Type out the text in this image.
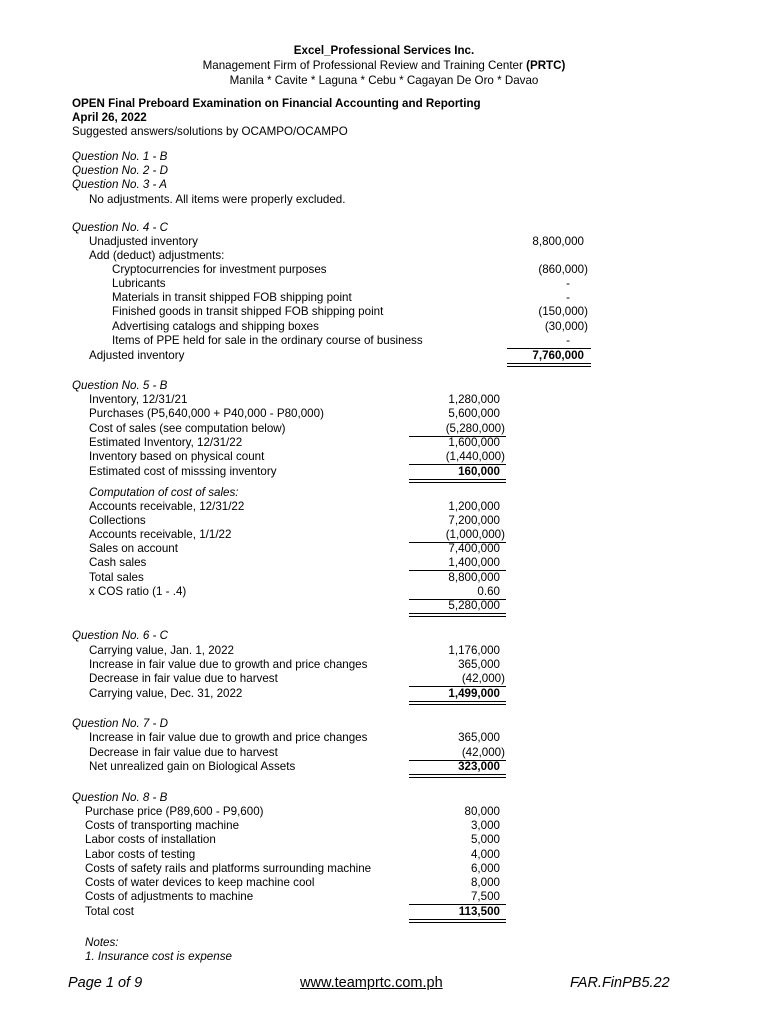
Excel_Professional Services Inc.
Management Firm of Professional Review and Training Center (PRTC)
Manila * Cavite * Laguna * Cebu * Cagayan De Oro * Davao
OPEN Final Preboard Examination on Financial Accounting and Reporting
April 26, 2022
Suggested answers/solutions by OCAMPO/OCAMPO
Question No. 1 - B
Question No. 2 - D
Question No. 3 - A
No adjustments. All items were properly excluded.
Question No. 4 - C
Unadjusted inventory	8,800,000
Add (deduct) adjustments:
Cryptocurrencies for investment purposes	(860,000)
Lubricants	-
Materials in transit shipped FOB shipping point	-
Finished goods in transit shipped FOB shipping point	(150,000)
Advertising catalogs and shipping boxes	(30,000)
Items of PPE held for sale in the ordinary course of business	-
Adjusted inventory	7,760,000
Question No. 5 - B
Inventory, 12/31/21	1,280,000
Purchases (P5,640,000 + P40,000 - P80,000)	5,600,000
Cost of sales (see computation below)	(5,280,000)
Estimated Inventory, 12/31/22	1,600,000
Inventory based on physical count	(1,440,000)
Estimated cost of misssing inventory	160,000
Computation of cost of sales:
Accounts receivable, 12/31/22	1,200,000
Collections	7,200,000
Accounts receivable, 1/1/22	(1,000,000)
Sales on account	7,400,000
Cash sales	1,400,000
Total sales	8,800,000
x COS ratio (1 - .4)	0.60
5,280,000
Question No. 6 - C
Carrying value, Jan. 1, 2022	1,176,000
Increase in fair value due to growth and price changes	365,000
Decrease in fair value due to harvest	(42,000)
Carrying value, Dec. 31, 2022	1,499,000
Question No. 7 - D
Increase in fair value due to growth and price changes	365,000
Decrease in fair value due to harvest	(42,000)
Net unrealized gain on Biological Assets	323,000
Question No. 8 - B
Purchase price (P89,600 - P9,600)	80,000
Costs of transporting machine	3,000
Labor costs of installation	5,000
Labor costs of testing	4,000
Costs of safety rails and platforms surrounding machine	6,000
Costs of water devices to keep machine cool	8,000
Costs of adjustments to machine	7,500
Total cost	113,500
Notes:
1. Insurance cost is expense
Page 1 of 9	www.teamprtc.com.ph	FAR.FinPB5.22
